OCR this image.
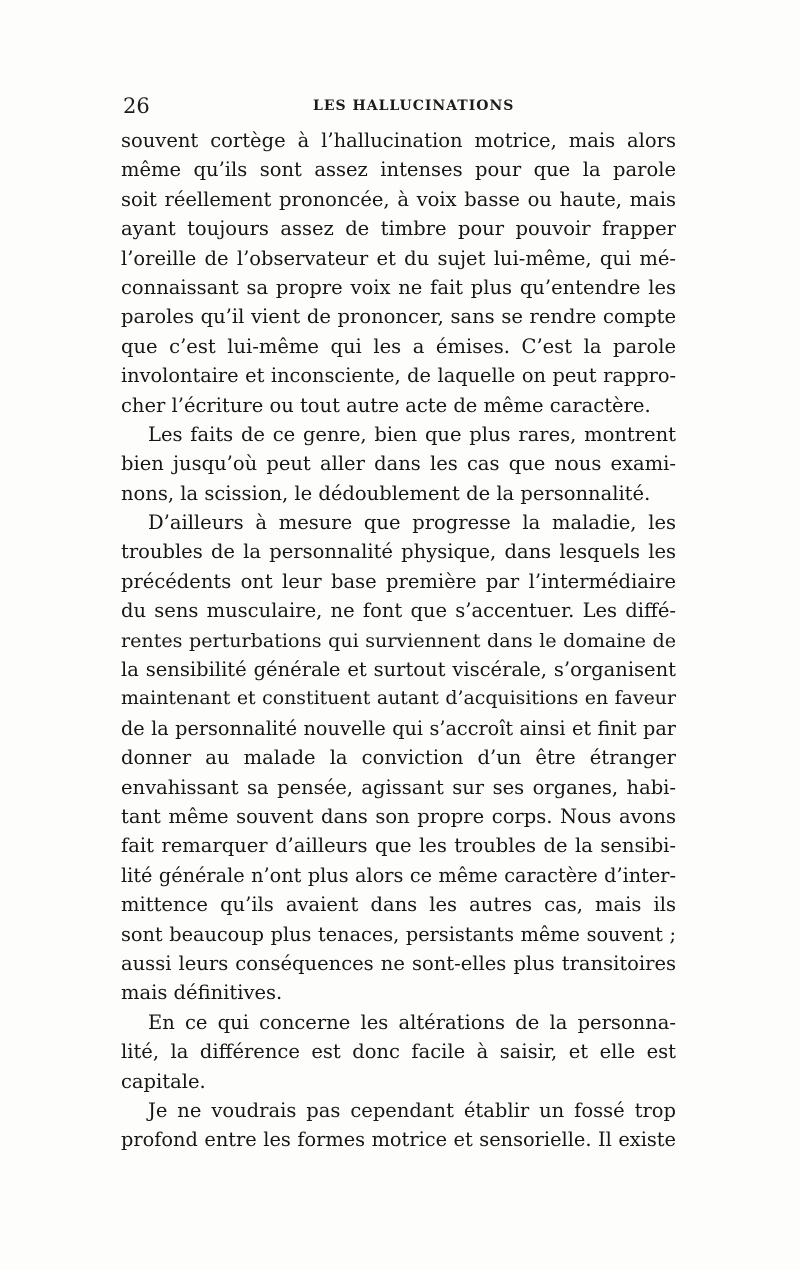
26	LES HALLUCINATIONS
souvent cortège à l’hallucination motrice, mais alors
même qu’ils sont assez intenses pour que la parole
soit réellement prononcée, à voix basse ou haute, mais
ayant toujours assez de timbre pour pouvoir frapper
l’oreille de l’observateur et du sujet lui-même, qui mé-
connaissant sa propre voix ne fait plus qu’entendre les
paroles qu’il vient de prononcer, sans se rendre compte
que c’est lui-même qui les a émises. C’est la parole
involontaire et inconsciente, de laquelle on peut rappro-
cher l’écriture ou tout autre acte de même caractère.
Les faits de ce genre, bien que plus rares, montrent
bien jusqu’où peut aller dans les cas que nous exami-
nons, la scission, le dédoublement de la personnalité.
D’ailleurs à mesure que progresse la maladie, les
troubles de la personnalité physique, dans lesquels les
précédents ont leur base première par l’intermédiaire
du sens musculaire, ne font que s’accentuer. Les diffé-
rentes perturbations qui surviennent dans le domaine de
la sensibilité générale et surtout viscérale, s’organisent
maintenant et constituent autant d’acquisitions en faveur
de la personnalité nouvelle qui s’accroît ainsi et finit par
donner au malade la conviction d’un être étranger
envahissant sa pensée, agissant sur ses organes, habi-
tant même souvent dans son propre corps. Nous avons
fait remarquer d’ailleurs que les troubles de la sensibi-
lité générale n’ont plus alors ce même caractère d’inter-
mittence qu’ils avaient dans les autres cas, mais ils
sont beaucoup plus tenaces, persistants même souvent ;
aussi leurs conséquences ne sont-elles plus transitoires
mais définitives.
En ce qui concerne les altérations de la personna-
lité, la différence est donc facile à saisir, et elle est
capitale.
Je ne voudrais pas cependant établir un fossé trop
profond entre les formes motrice et sensorielle. Il existe
